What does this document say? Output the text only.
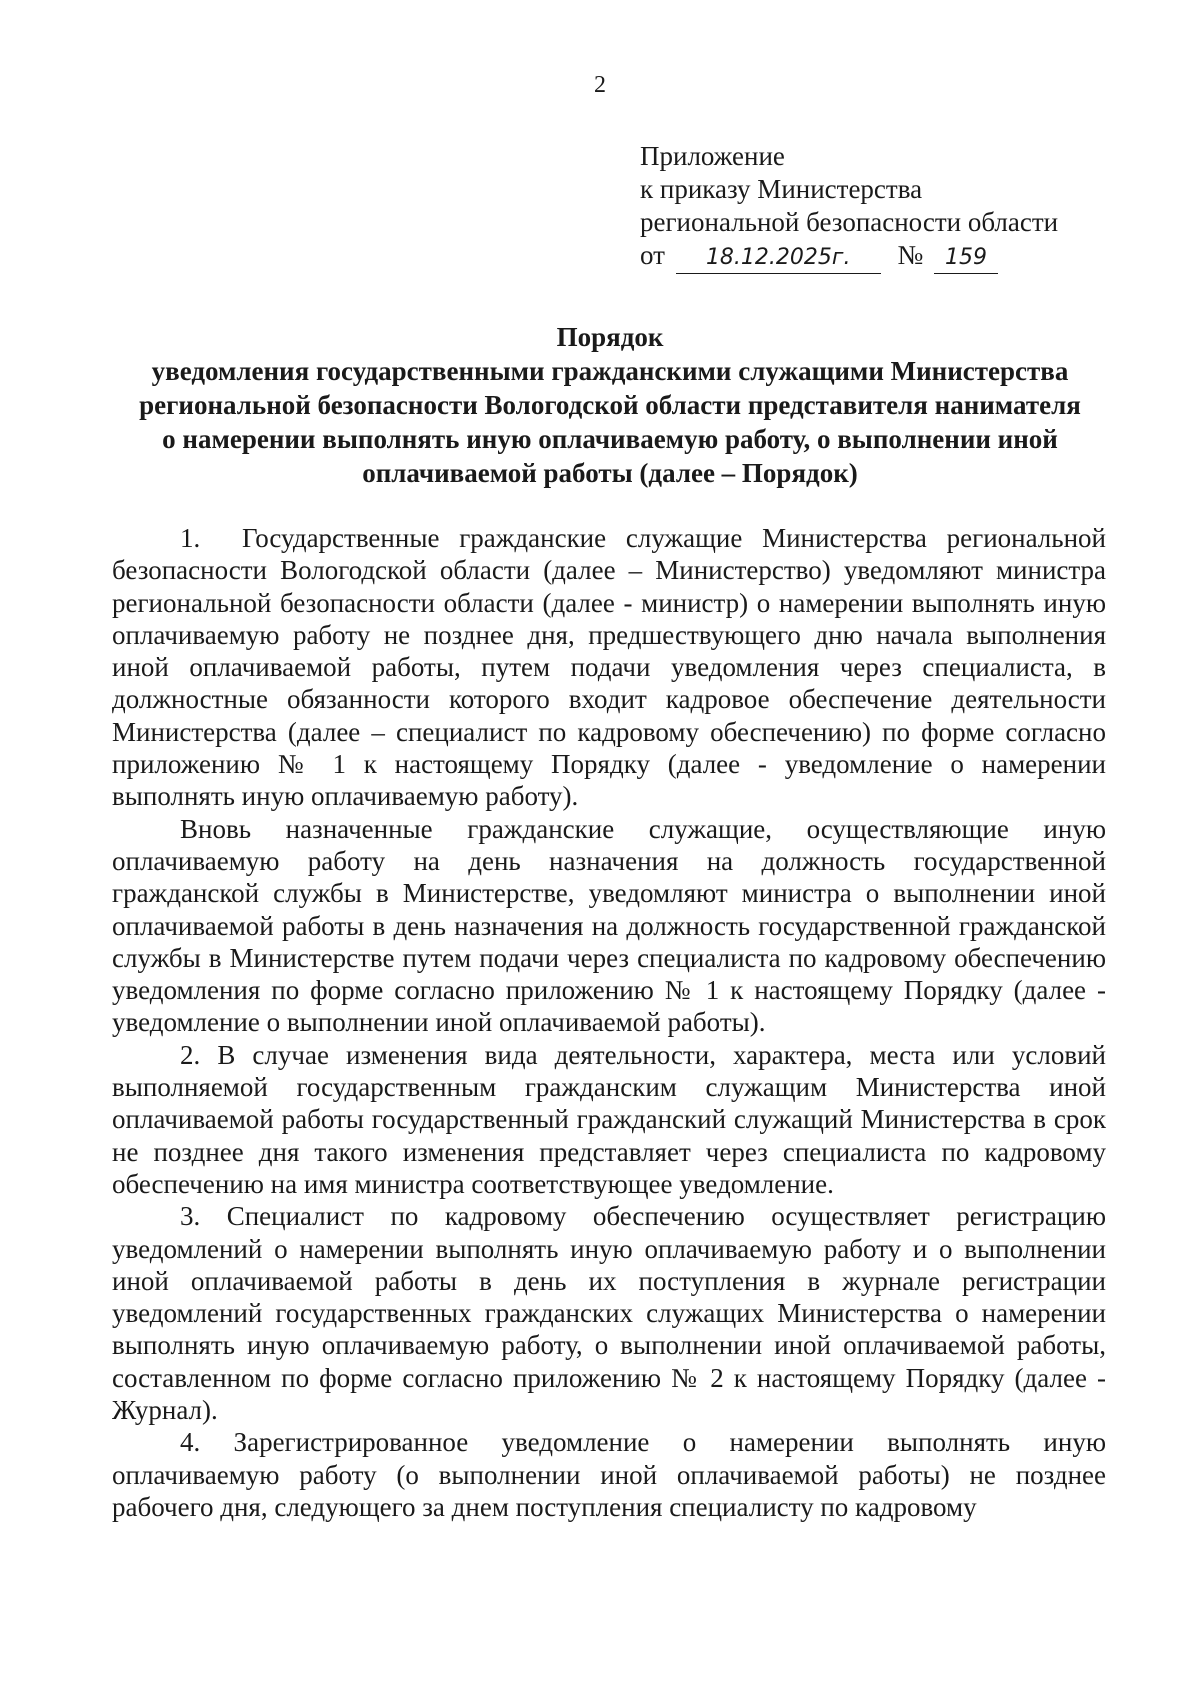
2
Приложение
к приказу Министерства
региональной безопасности области
от 18.12.2025г. № 159
Порядок
уведомления государственными гражданскими служащими Министерства
региональной безопасности Вологодской области представителя нанимателя
о намерении выполнять иную оплачиваемую работу, о выполнении иной
оплачиваемой работы (далее – Порядок)

1. Государственные гражданские служащие Министерства региональной безопасности Вологодской области (далее – Министерство) уведомляют министра региональной безопасности области (далее - министр) о намерении выполнять иную оплачиваемую работу не позднее дня, предшествующего дню начала выполнения иной оплачиваемой работы, путем подачи уведомления через специалиста, в должностные обязанности которого входит кадровое обеспечение деятельности Министерства (далее – специалист по кадровому обеспечению) по форме согласно приложению № 1 к настоящему Порядку (далее - уведомление о намерении выполнять иную оплачиваемую работу).

Вновь назначенные гражданские служащие, осуществляющие иную оплачиваемую работу на день назначения на должность государственной гражданской службы в Министерстве, уведомляют министра о выполнении иной оплачиваемой работы в день назначения на должность государственной гражданской службы в Министерстве путем подачи через специалиста по кадровому обеспечению уведомления по форме согласно приложению № 1 к настоящему Порядку (далее - уведомление о выполнении иной оплачиваемой работы).

2. В случае изменения вида деятельности, характера, места или условий выполняемой государственным гражданским служащим Министерства иной оплачиваемой работы государственный гражданский служащий Министерства в срок не позднее дня такого изменения представляет через специалиста по кадровому обеспечению на имя министра соответствующее уведомление.

3. Специалист по кадровому обеспечению осуществляет регистрацию уведомлений о намерении выполнять иную оплачиваемую работу и о выполнении иной оплачиваемой работы в день их поступления в журнале регистрации уведомлений государственных гражданских служащих Министерства о намерении выполнять иную оплачиваемую работу, о выполнении иной оплачиваемой работы, составленном по форме согласно приложению № 2 к настоящему Порядку (далее - Журнал).

4. Зарегистрированное уведомление о намерении выполнять иную оплачиваемую работу (о выполнении иной оплачиваемой работы) не позднее рабочего дня, следующего за днем поступления специалисту по кадровому
